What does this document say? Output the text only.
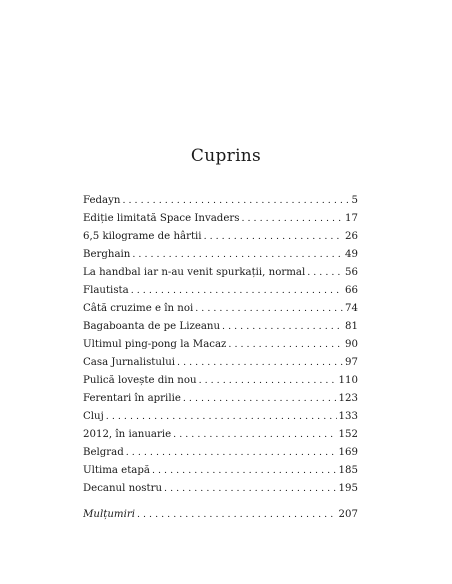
Cuprins
Fedayn . . .	5
Ediție limitată Space Invaders . . .	17
6,5 kilograme de hârtii . . .	26
Berghain . . .	49
La handbal iar n-au venit spurkații, normal . . .	56
Flautista . . .	66
Câtă cruzime e în noi . . .	74
Bagaboanta de pe Lizeanu . . .	81
Ultimul ping-pong la Macaz . . .	90
Casa Jurnalistului . . .	97
Pulică lovește din nou . . .	110
Ferentari în aprilie . . .	123
Cluj . . .	133
2012, în ianuarie . . .	152
Belgrad . . .	169
Ultima etapă . . .	185
Decanul nostru . . .	195
Mulțumiri . . .	207
